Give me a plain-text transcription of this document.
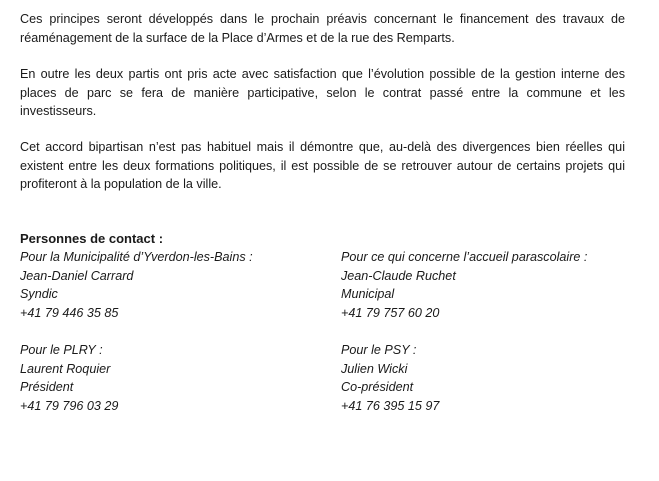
Ces principes seront développés dans le prochain préavis concernant le financement des travaux de réaménagement de la surface de la Place d’Armes et de la rue des Remparts.

En outre les deux partis ont pris acte avec satisfaction que l’évolution possible de la gestion interne des places de parc se fera de manière participative, selon le contrat passé entre la commune et les investisseurs.

Cet accord bipartisan n’est pas habituel mais il démontre que, au-delà des divergences bien réelles qui existent entre les deux formations politiques, il est possible de se retrouver autour de certains projets qui profiteront à la population de la ville.

Personnes de contact :

Pour la Municipalité d’Yverdon-les-Bains :
Jean-Daniel Carrard
Syndic
+41 79 446 35 85
Pour ce qui concerne l’accueil parascolaire :
Jean-Claude Ruchet
Municipal
+41 79 757 60 20
Pour le PLRY :
Laurent Roquier
Président
+41 79 796 03 29
Pour le PSY :
Julien Wicki
Co-président
+41 76 395 15 97
